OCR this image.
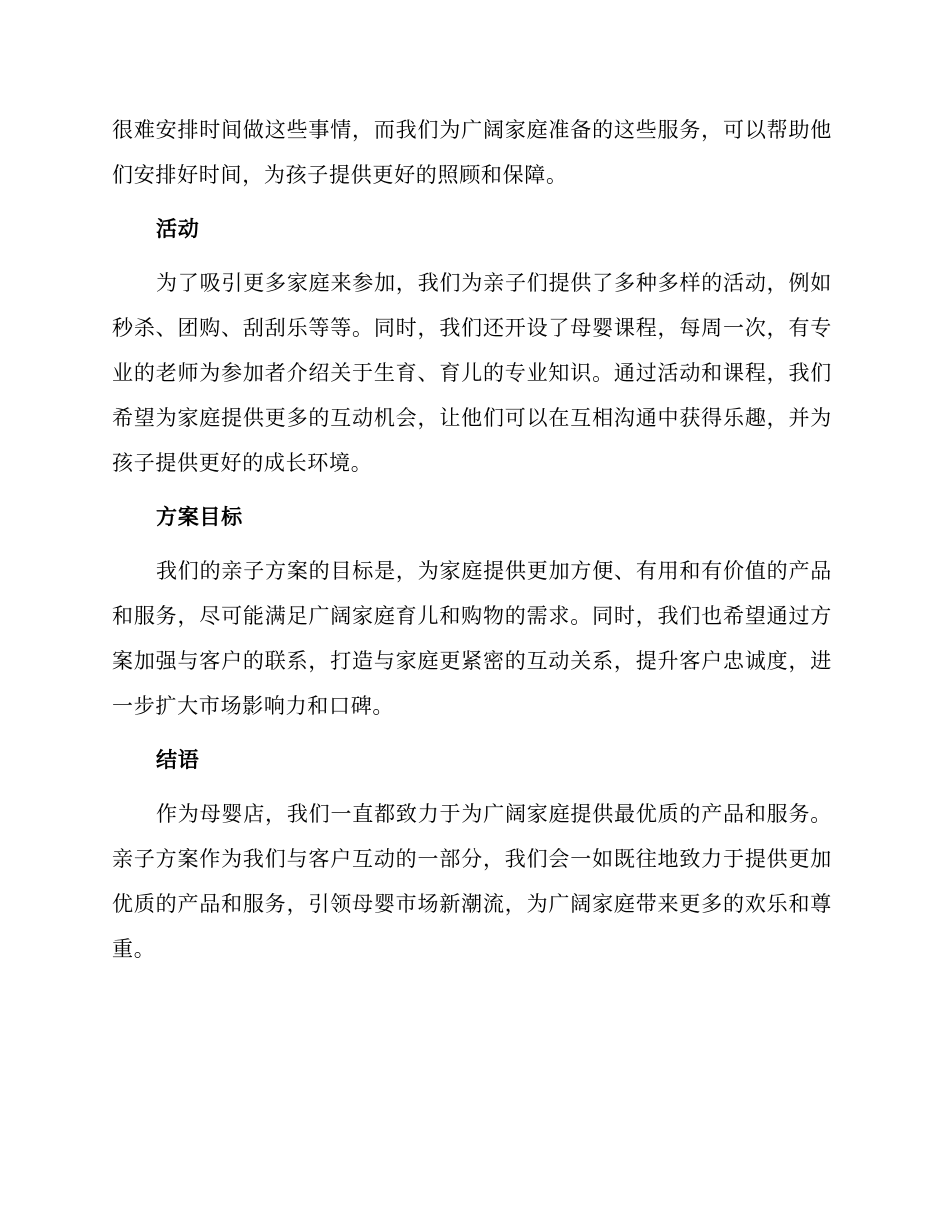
很难安排时间做这些事情，而我们为广阔家庭准备的这些服务，可以帮助他们安排好时间，为孩子提供更好的照顾和保障。

活动

为了吸引更多家庭来参加，我们为亲子们提供了多种多样的活动，例如秒杀、团购、刮刮乐等等。同时，我们还开设了母婴课程，每周一次，有专业的老师为参加者介绍关于生育、育儿的专业知识。通过活动和课程，我们希望为家庭提供更多的互动机会，让他们可以在互相沟通中获得乐趣，并为孩子提供更好的成长环境。

方案目标

我们的亲子方案的目标是，为家庭提供更加方便、有用和有价值的产品和服务，尽可能满足广阔家庭育儿和购物的需求。同时，我们也希望通过方案加强与客户的联系，打造与家庭更紧密的互动关系，提升客户忠诚度，进一步扩大市场影响力和口碑。

结语

作为母婴店，我们一直都致力于为广阔家庭提供最优质的产品和服务。亲子方案作为我们与客户互动的一部分，我们会一如既往地致力于提供更加优质的产品和服务，引领母婴市场新潮流，为广阔家庭带来更多的欢乐和尊重。
